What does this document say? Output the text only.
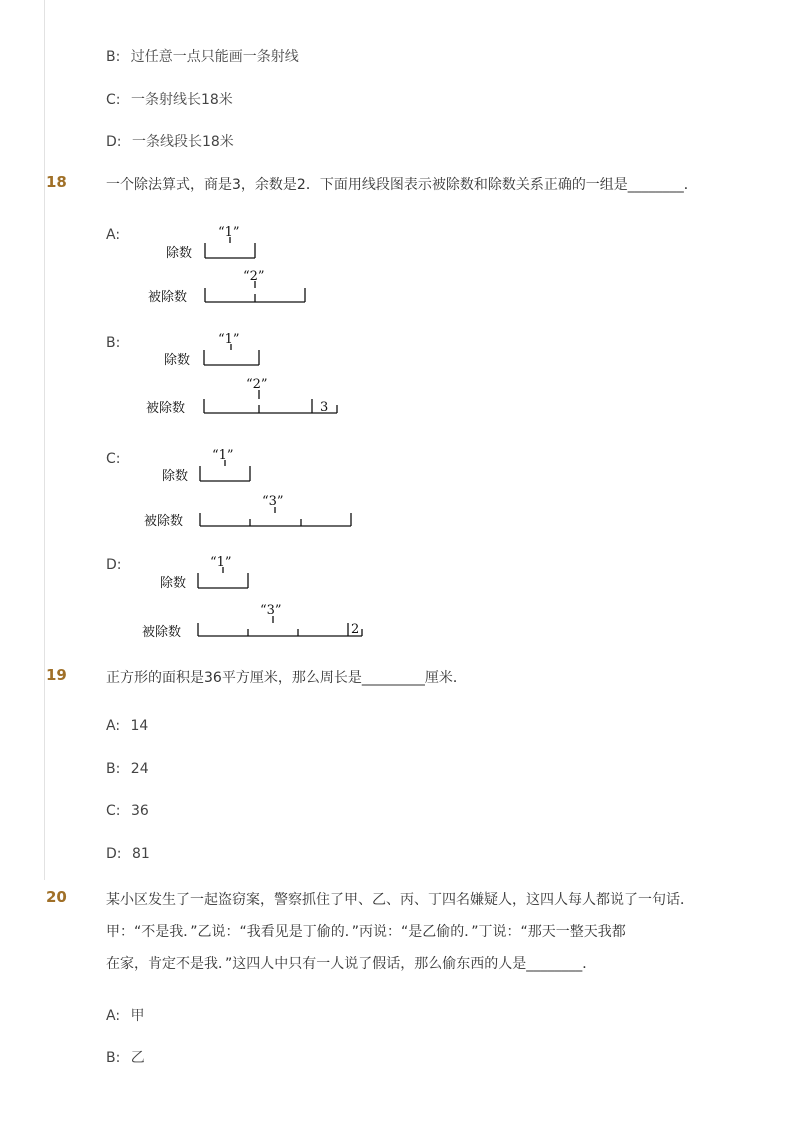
B: 过任意一点只能画一条射线
C: 一条射线长18米
D: 一条线段长18米
18	一个除法算式，商是3，余数是2．下面用线段图表示被除数和除数关系正确的一组是________．
A:	“1”
除数
“2”
被除数
B:	“1”
除数
“2”
被除数	3
C:	“1”
除数
“3”
被除数
D:	“1”
除数
“3”
被除数	2
19	正方形的面积是36平方厘米，那么周长是_________厘米．
A: 14
B: 24
C: 36
D: 81
20	某小区发生了一起盗窃案，警察抓住了甲、乙、丙、丁四名嫌疑人，这四人每人都说了一句话．
甲：“不是我．”乙说：“我看见是丁偷的．”丙说：“是乙偷的．”丁说：“那天一整天我都
在家，肯定不是我．”这四人中只有一人说了假话，那么偷东西的人是________．
A: 甲
B: 乙
